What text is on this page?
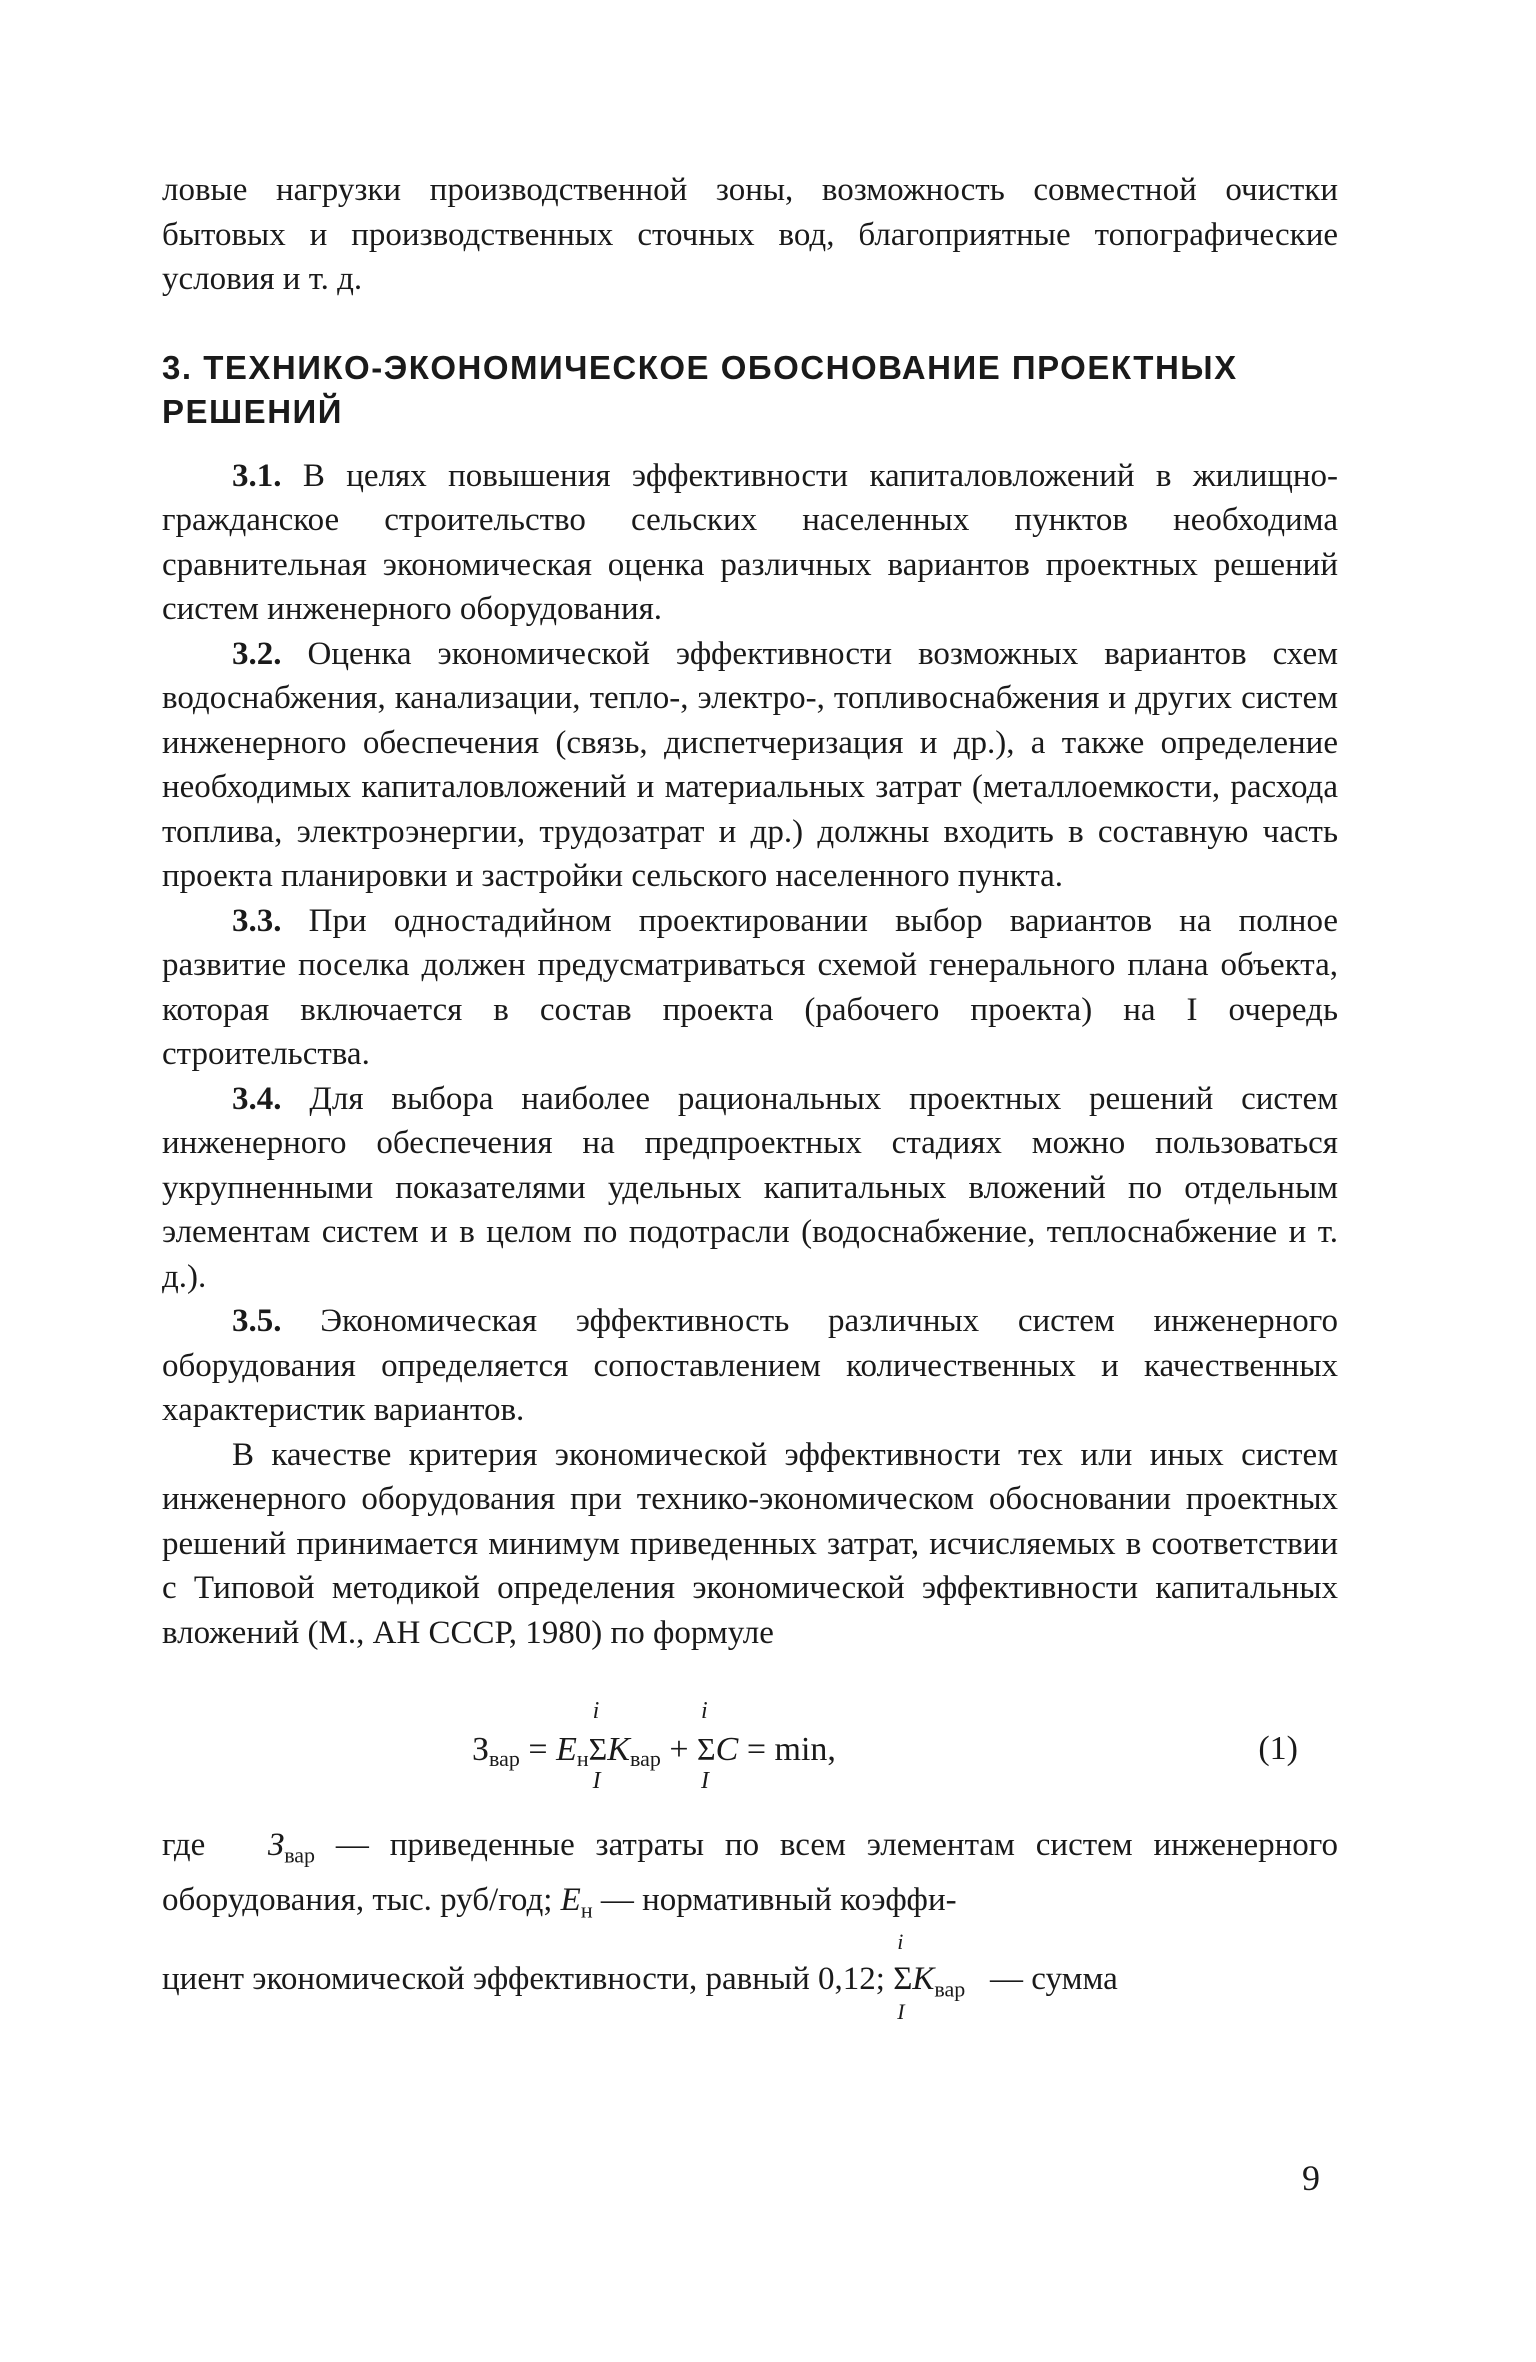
ловые нагрузки производственной зоны, возможность совместной очистки бытовых и производственных сточных вод, благоприятные топографические условия и т. д.

3. ТЕХНИКО-ЭКОНОМИЧЕСКОЕ ОБОСНОВАНИЕ ПРОЕКТНЫХ РЕШЕНИЙ

3.1. В целях повышения эффективности капиталовложений в жилищно-гражданское строительство сельских населенных пунктов необходима сравнительная экономическая оценка различных вариантов проектных решений систем инженерного оборудования.

3.2. Оценка экономической эффективности возможных вариантов схем водоснабжения, канализации, тепло-, электро-, топливоснабжения и других систем инженерного обеспечения (связь, диспетчеризация и др.), а также определение необходимых капиталовложений и материальных затрат (металлоемкости, расхода топлива, электроэнергии, трудозатрат и др.) должны входить в составную часть проекта планировки и застройки сельского населенного пункта.

3.3. При одностадийном проектировании выбор вариантов на полное развитие поселка должен предусматриваться схемой генерального плана объекта, которая включается в состав проекта (рабочего проекта) на I очередь строительства.

3.4. Для выбора наиболее рациональных проектных решений систем инженерного обеспечения на предпроектных стадиях можно пользоваться укрупненными показателями удельных капитальных вложений по отдельным элементам систем и в целом по подотрасли (водоснабжение, теплоснабжение и т. д.).

3.5. Экономическая эффективность различных систем инженерного оборудования определяется сопоставлением количественных и качественных характеристик вариантов.

В качестве критерия экономической эффективности тех или иных систем инженерного оборудования при технико-экономическом обосновании проектных решений принимается минимум приведенных затрат, исчисляемых в соответствии с Типовой методикой определения экономической эффективности капитальных вложений (М., АН СССР, 1980) по формуле

$З_{вар} = E_н$
i
Σ
I
$K_{вар}$ +
i
Σ
I
C = min,	(1)

где $З_{вар}$ — приведенные затраты по всем элементам систем инженерного оборудования, тыс. руб/год; $E_н$ — нормативный коэффи-

циент экономической эффективности, равный 0,12;
i
Σ
I
$K_{вар}$ — сумма
9
